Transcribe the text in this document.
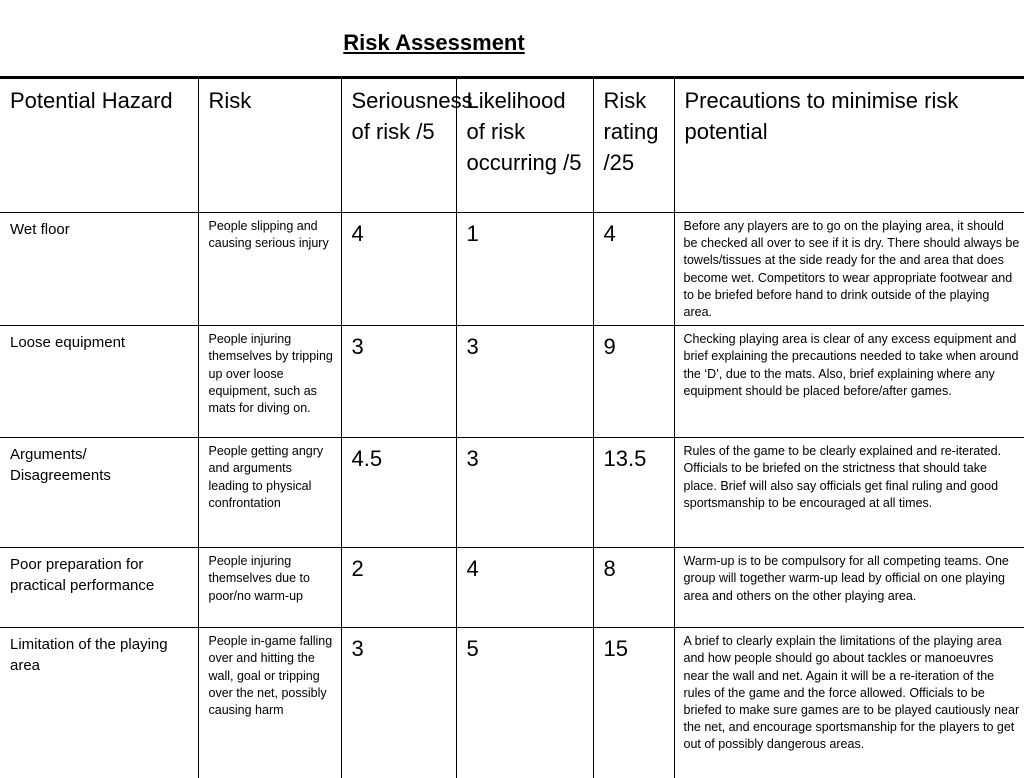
Risk Assessment
Potential Hazard	Risk	Seriousness of risk /5	Likelihood of risk occurring /5	Risk rating /25	Precautions to minimise risk potential
Wet floor	People slipping and causing serious injury	4	1	4	Before any players are to go on the playing area, it should be checked all over to see if it is dry. There should always be towels/tissues at the side ready for the and area that does become wet. Competitors to wear appropriate footwear and to be briefed before hand to drink outside of the playing area.
Loose equipment	People injuring themselves by tripping up over loose equipment, such as mats for diving on.	3	3	9	Checking playing area is clear of any excess equipment and brief explaining the precautions needed to take when around the ‘D’, due to the mats. Also, brief explaining where any equipment should be placed before/after games.
Arguments/ Disagreements	People getting angry and arguments leading to physical confrontation	4.5	3	13.5	Rules of the game to be clearly explained and re-iterated. Officials to be briefed on the strictness that should take place. Brief will also say officials get final ruling and good sportsmanship to be encouraged at all times.
Poor preparation for practical performance	People injuring themselves due to poor/no warm-up	2	4	8	Warm-up is to be compulsory for all competing teams. One group will together warm-up lead by official on one playing area and others on the other playing area.
Limitation of the playing area	People in-game falling over and hitting the wall, goal or tripping over the net, possibly causing harm	3	5	15	A brief to clearly explain the limitations of the playing area and how people should go about tackles or manoeuvres near the wall and net. Again it will be a re-iteration of the rules of the game and the force allowed. Officials to be briefed to make sure games are to be played cautiously near the net, and encourage sportsmanship for the players to get out of possibly dangerous areas.
